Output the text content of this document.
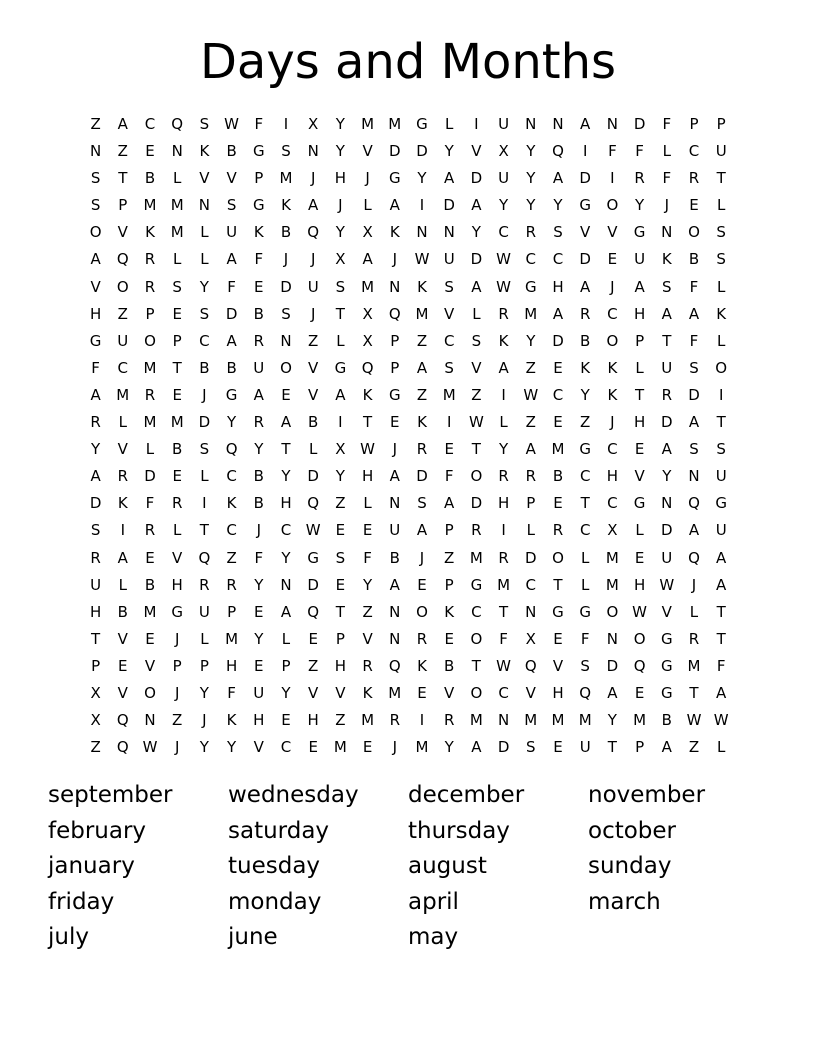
Days and Months
Z	A	C	Q	S	W	F	I	X	Y	M M G	L	I	U	N	N	A	N	D	F	P	P
N	Z	E	N	K	B	G	S	N	Y	V	D	D	Y	V	X	Y	Q	I	F	F	L	C	U
S	T	B	L	V	V	P	M	J	H	J	G	Y	A	D	U	Y	A	D	I	R	F	R	T
S	P	M M	N	S	G	K	A	J	L	A	I	D	A	Y	Y	Y	G	O	Y	J	E	L
O	V	K	M	L	U	K	B	Q	Y	X	K	N	N	Y	C	R	S	V	V	G	N	O	S
A	Q	R	L	L	A	F	J	J	X	A	J	W U	D W C	C	D	E	U	K	B	S
V	O	R	S	Y	F	E	D	U	S	M	N	K	S	A W G	H	A	J	A	S	F	L
H	Z	P	E	S	D	B	S	J	T	X	Q M	V	L	R	M	A	R	C	H	A	A	K
G	U	O	P	C	A	R	N	Z	L	X	P	Z	C	S	K	Y	D	B	O	P	T	F	L
F	C	M	T	B	B	U	O	V	G	Q	P	A	S	V	A	Z	E	K	K	L	U	S	O
A	M	R	E	J	G	A	E	V	A	K	G	Z	M	Z	I	W C	Y	K	T	R	D	I
R	L	M M D	Y	R	A	B	I	T	E	K	I	W	L	Z	E	Z	J	H	D	A	T
Y	V	L	B	S	Q	Y	T	L	X W	J	R	E	T	Y	A	M G	C	E	A	S	S
A	R	D	E	L	C	B	Y	D	Y	H	A	D	F	O	R	R	B	C	H	V	Y	N	U
D	K	F	R	I	K	B	H	Q	Z	L	N	S	A	D	H	P	E	T	C	G	N	Q	G
S	I	R	L	T	C	J	C W	E	E	U	A	P	R	I	L	R	C	X	L	D	A	U
R	A	E	V	Q	Z	F	Y	G	S	F	B	J	Z	M	R	D	O	L	M	E	U	Q	A
U	L	B	H	R	R	Y	N	D	E	Y	A	E	P	G M	C	T	L	M	H W	J	A
H	B	M G	U	P	E	A	Q	T	Z	N	O	K	C	T	N	G	G	O W V	L	T
T	V	E	J	L	M	Y	L	E	P	V	N	R	E	O	F	X	E	F	N	O	G	R	T
P	E	V	P	P	H	E	P	Z	H	R	Q	K	B	T	W Q	V	S	D	Q	G M	F
X	V	O	J	Y	F	U	Y	V	V	K	M	E	V	O	C	V	H	Q	A	E	G	T	A
X	Q	N	Z	J	K	H	E	H	Z	M	R	I	R	M	N	M M M	Y	M	B W W
Z	Q W	J	Y	Y	V	C	E	M	E	J	M	Y	A	D	S	E	U	T	P	A	Z	L
september
february
january
friday
july
wednesday
saturday
tuesday
monday
june
december
thursday
august
april
may
november
october
sunday
march
